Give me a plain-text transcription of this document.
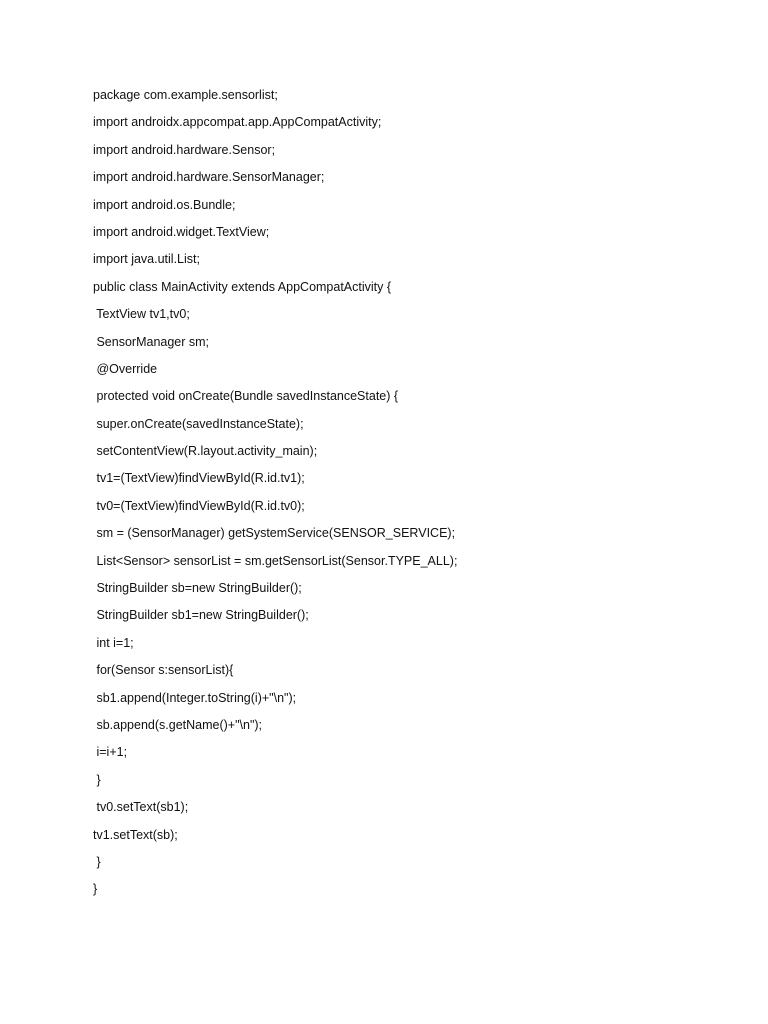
package com.example.sensorlist;
import androidx.appcompat.app.AppCompatActivity;
import android.hardware.Sensor;
import android.hardware.SensorManager;
import android.os.Bundle;
import android.widget.TextView;
import java.util.List;
public class MainActivity extends AppCompatActivity {
TextView tv1,tv0;
SensorManager sm;
@Override
protected void onCreate(Bundle savedInstanceState) {
super.onCreate(savedInstanceState);
setContentView(R.layout.activity_main);
tv1=(TextView)findViewById(R.id.tv1);
tv0=(TextView)findViewById(R.id.tv0);
sm = (SensorManager) getSystemService(SENSOR_SERVICE);
List<Sensor> sensorList = sm.getSensorList(Sensor.TYPE_ALL);
StringBuilder sb=new StringBuilder();
StringBuilder sb1=new StringBuilder();
int i=1;
for(Sensor s:sensorList){
sb1.append(Integer.toString(i)+"\n");
sb.append(s.getName()+"\n");
i=i+1;
}
tv0.setText(sb1);
tv1.setText(sb);
}
}
